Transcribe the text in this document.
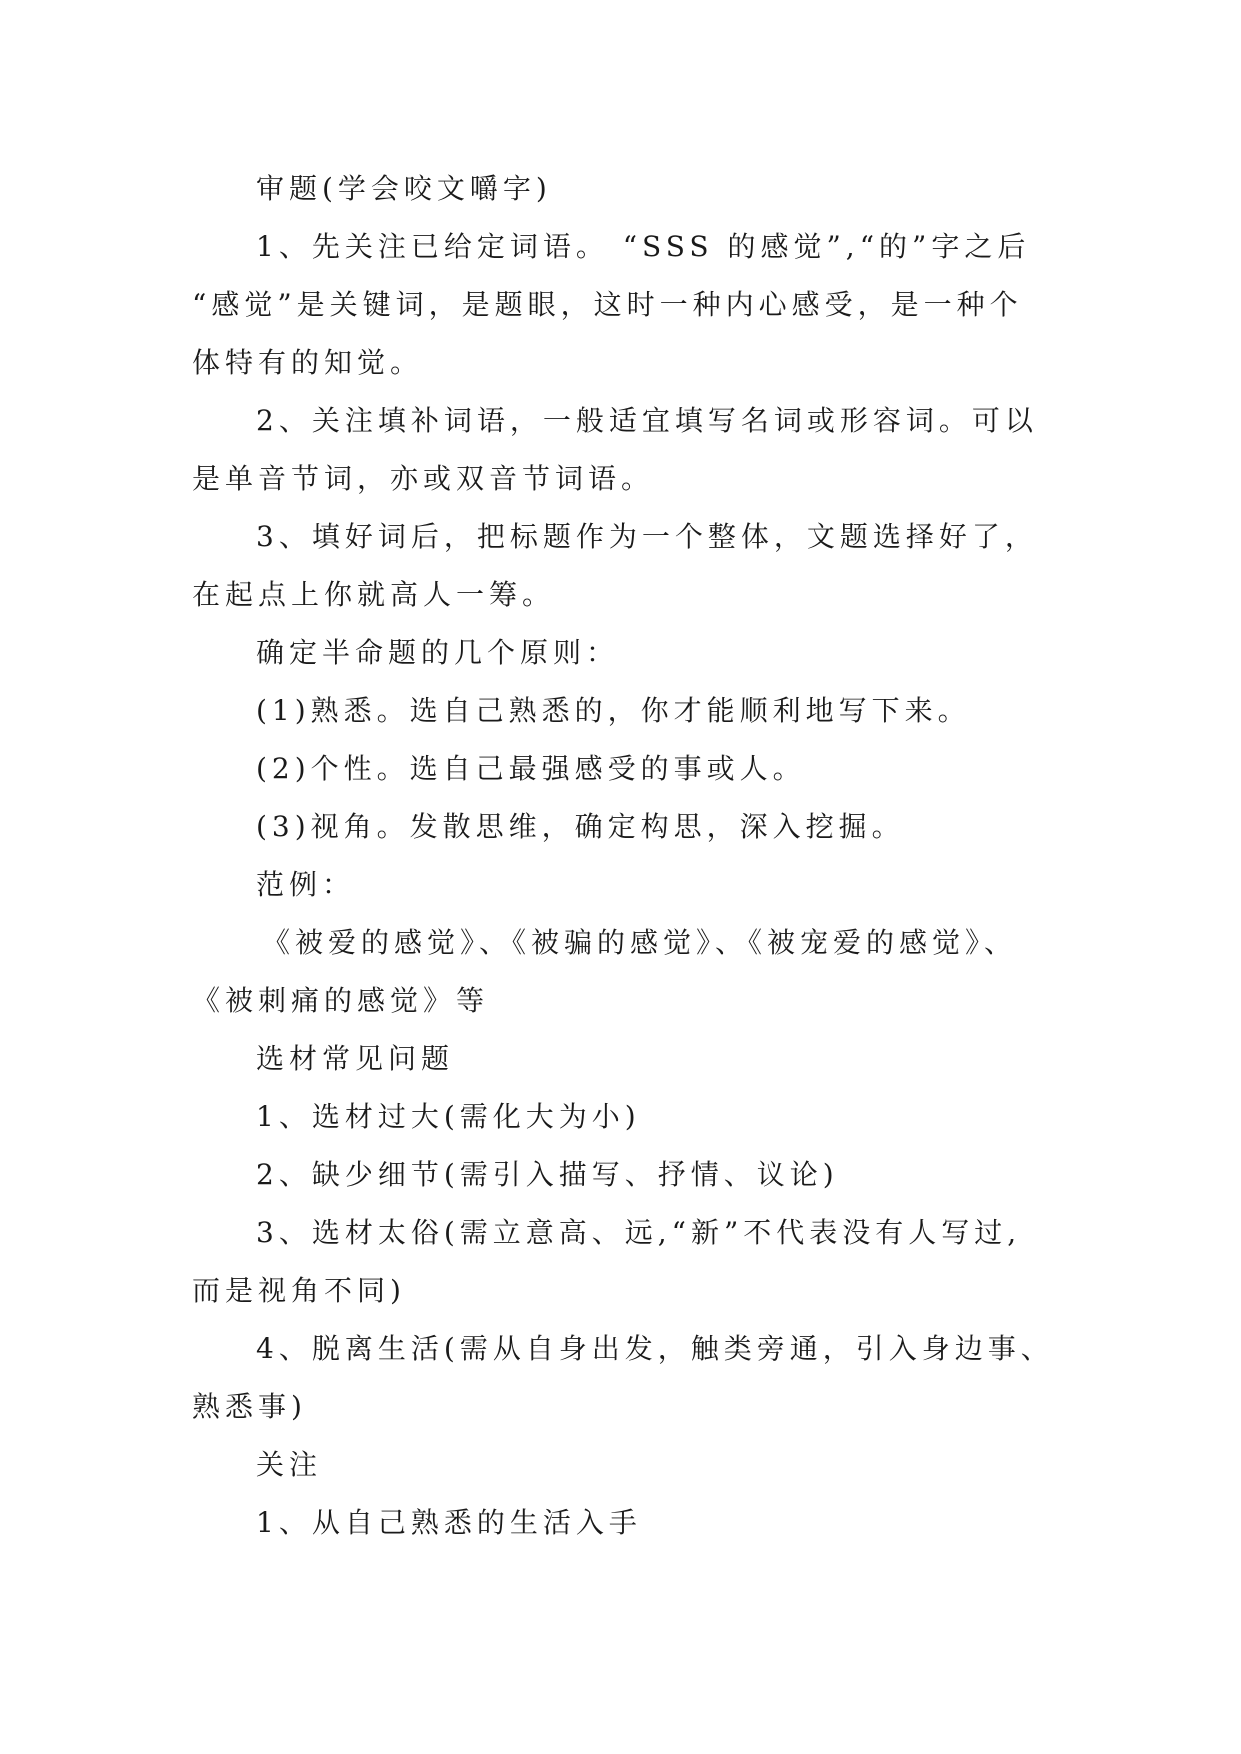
审题(学会咬文嚼字)

1、先关注已给定词语。 “SSS 的感觉”,“的”字之后
“感觉”是关键词，是题眼，这时一种内心感受，是一种个
体特有的知觉。

2、关注填补词语，一般适宜填写名词或形容词。可以
是单音节词，亦或双音节词语。

3、填好词后，把标题作为一个整体，文题选择好了，
在起点上你就高人一筹。

确定半命题的几个原则：

(1)熟悉。选自己熟悉的，你才能顺利地写下来。

(2)个性。选自己最强感受的事或人。

(3)视角。发散思维，确定构思，深入挖掘。

范例：

《被爱的感觉》、《被骗的感觉》、《被宠爱的感觉》、
《被刺痛的感觉》等

选材常见问题

1、选材过大(需化大为小)

2、缺少细节(需引入描写、抒情、议论)

3、选材太俗(需立意高、远,“新”不代表没有人写过,
而是视角不同)

4、脱离生活(需从自身出发，触类旁通，引入身边事、
熟悉事)

关注

1、从自己熟悉的生活入手
